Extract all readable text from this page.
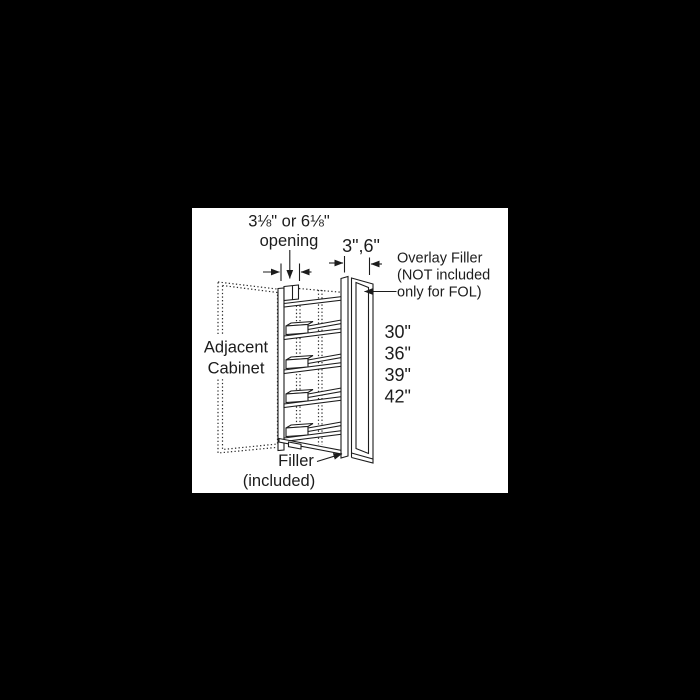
3⅛" or 6⅛"
opening 3",6"
Overlay Filler
(NOT included
only for FOL)
30"
36"
39"
42"
Adjacent
Cabinet
Filler
(included)
